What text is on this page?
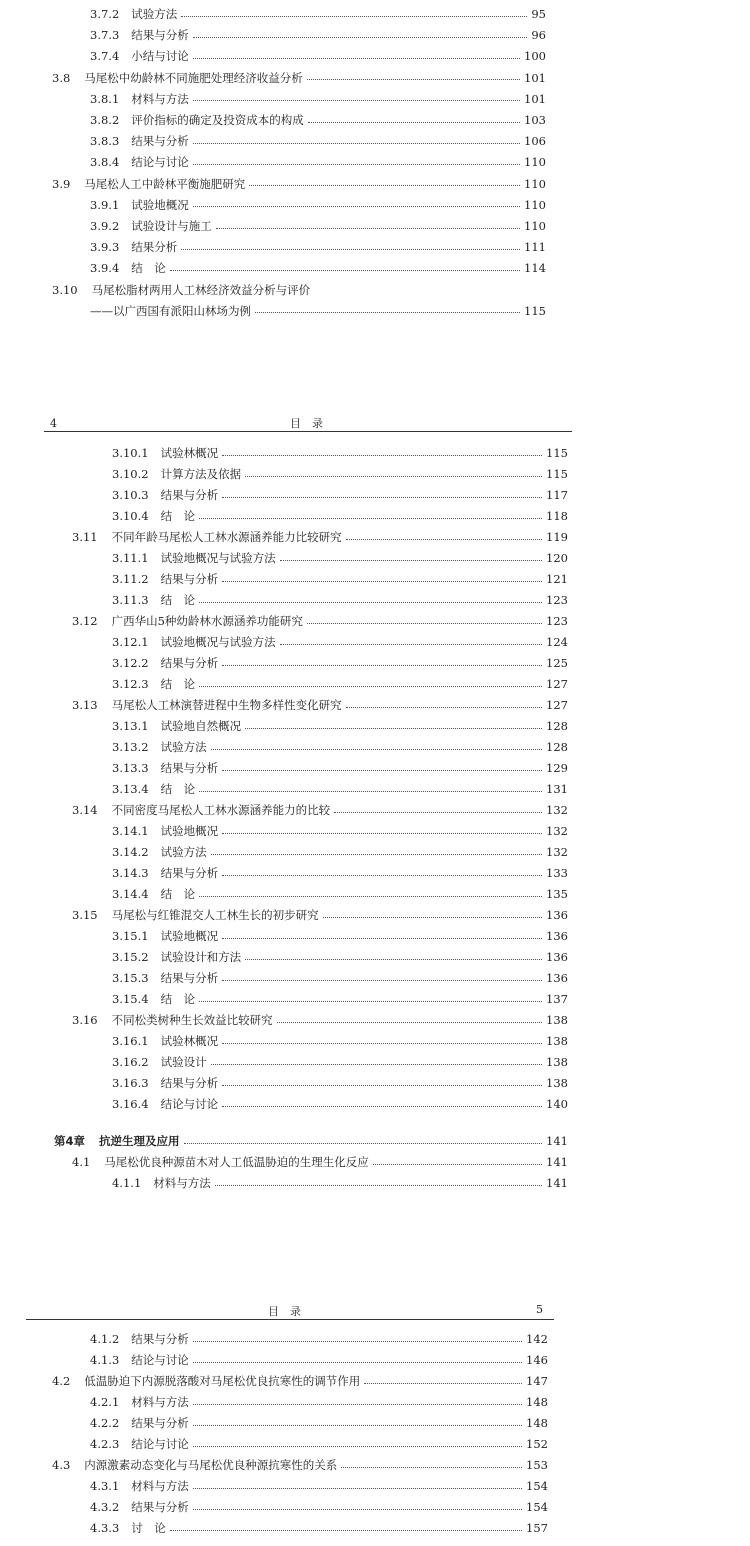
3.7.2 试验方法	95
3.7.3 结果与分析	96
3.7.4 小结与讨论	100
3.8 马尾松中幼龄林不同施肥处理经济收益分析	101
3.8.1 材料与方法	101
3.8.2 评价指标的确定及投资成本的构成	103
3.8.3 结果与分析	106
3.8.4 结论与讨论	110
3.9 马尾松人工中龄林平衡施肥研究	110
3.9.1 试验地概况	110
3.9.2 试验设计与施工	110
3.9.3 结果分析	111
3.9.4 结　论	114
3.10 马尾松脂材两用人工林经济效益分析与评价
——以广西国有派阳山林场为例	115
4	目　录
3.10.1 试验林概况	115
3.10.2 计算方法及依据	115
3.10.3 结果与分析	117
3.10.4 结　论	118
3.11 不同年龄马尾松人工林水源涵养能力比较研究	119
3.11.1 试验地概况与试验方法	120
3.11.2 结果与分析	121
3.11.3 结　论	123
3.12 广西华山5种幼龄林水源涵养功能研究	123
3.12.1 试验地概况与试验方法	124
3.12.2 结果与分析	125
3.12.3 结　论	127
3.13 马尾松人工林演替进程中生物多样性变化研究	127
3.13.1 试验地自然概况	128
3.13.2 试验方法	128
3.13.3 结果与分析	129
3.13.4 结　论	131
3.14 不同密度马尾松人工林水源涵养能力的比较	132
3.14.1 试验地概况	132
3.14.2 试验方法	132
3.14.3 结果与分析	133
3.14.4 结　论	135
3.15 马尾松与红锥混交人工林生长的初步研究	136
3.15.1 试验地概况	136
3.15.2 试验设计和方法	136
3.15.3 结果与分析	136
3.15.4 结　论	137
3.16 不同松类树种生长效益比较研究	138
3.16.1 试验林概况	138
3.16.2 试验设计	138
3.16.3 结果与分析	138
3.16.4 结论与讨论	140
第4章 抗逆生理及应用	141
4.1 马尾松优良种源苗木对人工低温胁迫的生理生化反应	141
4.1.1 材料与方法	141
目　录	5
4.1.2 结果与分析	142
4.1.3 结论与讨论	146
4.2 低温胁迫下内源脱落酸对马尾松优良抗寒性的调节作用	147
4.2.1 材料与方法	148
4.2.2 结果与分析	148
4.2.3 结论与讨论	152
4.3 内源激素动态变化与马尾松优良种源抗寒性的关系	153
4.3.1 材料与方法	154
4.3.2 结果与分析	154
4.3.3 讨　论	157
